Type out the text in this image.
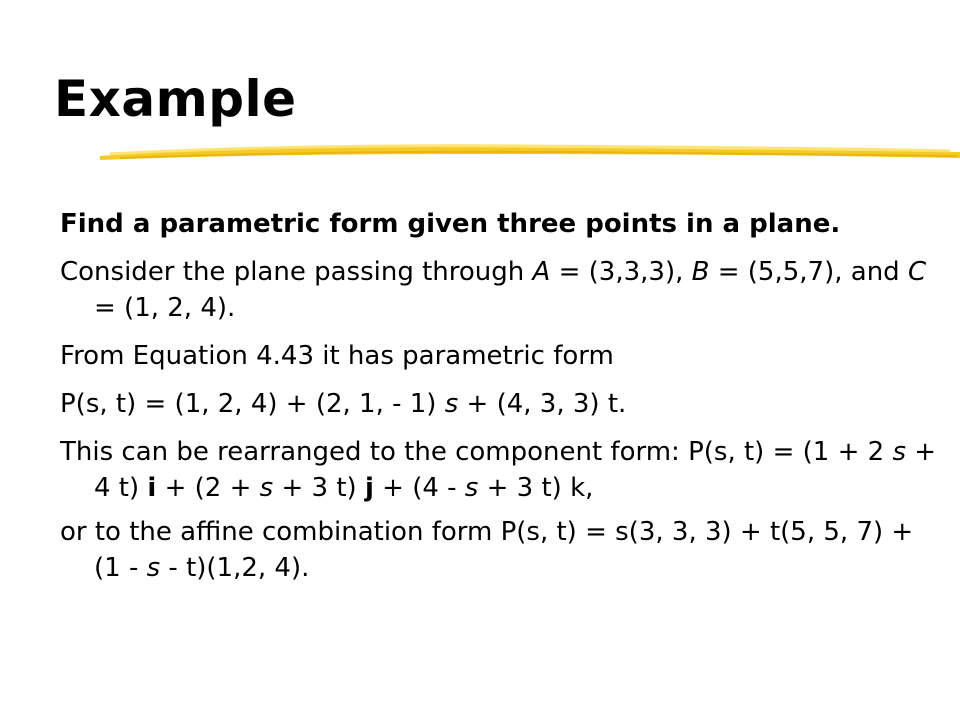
Example

Find a parametric form given three points in a plane.

Consider the plane passing through A = (3,3,3), B = (5,5,7), and C = (1, 2, 4).

From Equation 4.43 it has parametric form

P(s, t) = (1, 2, 4) + (2, 1, - 1) s + (4, 3, 3) t.

This can be rearranged to the component form: P(s, t) = (1 + 2 s + 4 t) i + (2 + s + 3 t) j + (4 - s + 3 t) k,

or to the affine combination form P(s, t) = s(3, 3, 3) + t(5, 5, 7) + (1 - s - t)(1,2, 4).
